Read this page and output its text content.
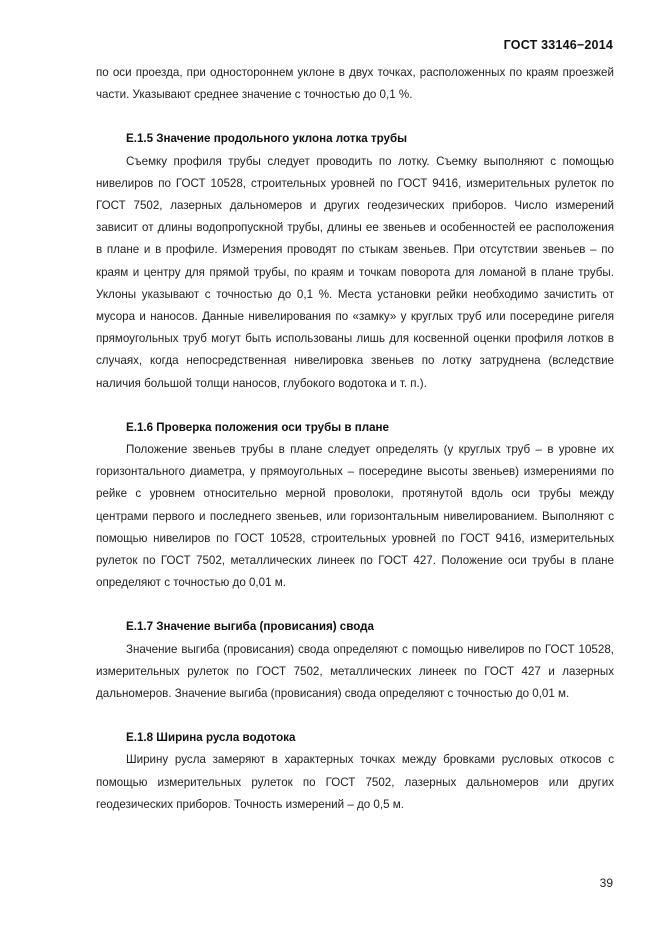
ГОСТ 33146−2014

по оси проезда, при одностороннем уклоне в двух точках, расположенных по краям проезжей части. Указывают среднее значение с точностью до 0,1 %.

Е.1.5 Значение продольного уклона лотка трубы

Съемку профиля трубы следует проводить по лотку. Съемку выполняют с помощью нивелиров по ГОСТ 10528, строительных уровней по ГОСТ 9416, измерительных рулеток по ГОСТ 7502, лазерных дальномеров и других геодезических приборов. Число измерений зависит от длины водопропускной трубы, длины ее звеньев и особенностей ее расположения в плане и в профиле. Измерения проводят по стыкам звеньев. При отсутствии звеньев – по краям и центру для прямой трубы, по краям и точкам поворота для ломаной в плане трубы. Уклоны указывают с точностью до 0,1 %. Места установки рейки необходимо зачистить от мусора и наносов. Данные нивелирования по «замку» у круглых труб или посередине ригеля прямоугольных труб могут быть использованы лишь для косвенной оценки профиля лотков в случаях, когда непосредственная нивелировка звеньев по лотку затруднена (вследствие наличия большой толщи наносов, глубокого водотока и т. п.).

Е.1.6 Проверка положения оси трубы в плане

Положение звеньев трубы в плане следует определять (у круглых труб – в уровне их горизонтального диаметра, у прямоугольных – посередине высоты звеньев) измерениями по рейке с уровнем относительно мерной проволоки, протянутой вдоль оси трубы между центрами первого и последнего звеньев, или горизонтальным нивелированием. Выполняют с помощью нивелиров по ГОСТ 10528, строительных уровней по ГОСТ 9416, измерительных рулеток по ГОСТ 7502, металлических линеек по ГОСТ 427. Положение оси трубы в плане определяют с точностью до 0,01 м.

Е.1.7 Значение выгиба (провисания) свода

Значение выгиба (провисания) свода определяют с помощью нивелиров по ГОСТ 10528, измерительных рулеток по ГОСТ 7502, металлических линеек по ГОСТ 427 и лазерных дальномеров. Значение выгиба (провисания) свода определяют с точностью до 0,01 м.

Е.1.8 Ширина русла водотока

Ширину русла замеряют в характерных точках между бровками русловых откосов с помощью измерительных рулеток по ГОСТ 7502, лазерных дальномеров или других геодезических приборов. Точность измерений – до 0,5 м.

39
